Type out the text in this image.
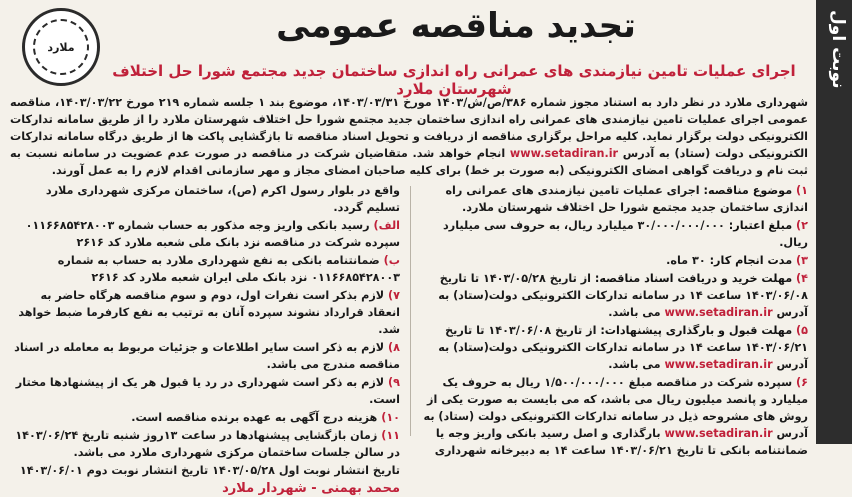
نوبت اول
ملارد
تجدید مناقصه عمومی
اجرای عملیات تامین نیازمندی های عمرانی راه اندازی ساختمان جدید مجتمع شورا حل اختلاف شهرستان ملارد
شهرداری ملارد در نظر دارد به استناد مجوز شماره ۳۸۶/ص/ش/۱۴۰۳ مورخ ۱۴۰۳/۰۳/۳۱، موضوع بند ۱ جلسه شماره ۲۱۹ مورخ ۱۴۰۳/۰۳/۲۲، مناقصه عمومی اجرای عملیات تامین نیازمندی های عمرانی راه اندازی ساختمان جدید مجتمع شورا حل اختلاف شهرستان ملارد را از طریق سامانه تدارکات الکترونیکی دولت برگزار نماید. کلیه مراحل برگزاری مناقصه از دریافت و تحویل اسناد مناقصه تا بازگشایی پاکت ها از طریق درگاه سامانه تدارکات الکترونیکی دولت (ستاد) به آدرس www.setadiran.ir انجام خواهد شد. متقاضیان شرکت در مناقصه در صورت عدم عضویت در سامانه نسبت به ثبت نام و دریافت گواهی امضای الکترونیکی (به صورت بر خط) برای کلیه صاحبان امضای مجاز و مهر سازمانی اقدام لازم را به عمل آورند.
۱) موضوع مناقصه: اجرای عملیات تامین نیازمندی های عمرانی راه اندازی ساختمان جدید مجتمع شورا حل اختلاف شهرستان ملارد.
۲) مبلغ اعتبار: ۳۰/۰۰۰/۰۰۰/۰۰۰ میلیارد ریال، به حروف سی میلیارد ریال.
۳) مدت انجام کار: ۳۰ ماه.
۴) مهلت خرید و دریافت اسناد مناقصه: از تاریخ ۱۴۰۳/۰۵/۲۸ تا تاریخ ۱۴۰۳/۰۶/۰۸ ساعت ۱۴ در سامانه تدارکات الکترونیکی دولت(ستاد) به آدرس www.setadiran.ir می باشد.
۵) مهلت قبول و بارگذاری پیشنهادات: از تاریخ ۱۴۰۳/۰۶/۰۸ تا تاریخ ۱۴۰۳/۰۶/۲۱ ساعت ۱۴ در سامانه تدارکات الکترونیکی دولت(ستاد) به آدرس www.setadiran.ir می باشد.
۶) سپرده شرکت در مناقصه مبلغ ۱/۵۰۰/۰۰۰/۰۰۰ ریال به حروف یک میلیارد و پانصد میلیون ریال می باشد، که می بایست به صورت یکی از روش های مشروحه ذیل در سامانه تدارکات الکترونیکی دولت (ستاد) به آدرس www.setadiran.ir بارگذاری و اصل رسید بانکی واریز وجه یا ضمانتنامه بانکی تا تاریخ ۱۴۰۳/۰۶/۲۱ ساعت ۱۴ به دبیرخانه شهرداری
واقع در بلوار رسول اکرم (ص)، ساختمان مرکزی شهرداری ملارد تسلیم گردد.
الف) رسید بانکی واریز وجه مذکور به حساب شماره ۰۱۱۶۶۸۵۴۲۸۰۰۳ سپرده شرکت در مناقصه نزد بانک ملی شعبه ملارد کد ۲۶۱۶
ب) ضمانتنامه بانکی به نفع شهرداری ملارد به حساب به شماره ۰۱۱۶۶۸۵۴۲۸۰۰۳ نزد بانک ملی ایران شعبه ملارد کد ۲۶۱۶
۷) لازم بذکر است نفرات اول، دوم و سوم مناقصه هرگاه حاضر به انعقاد قرارداد نشوند سپرده آنان به ترتیب به نفع کارفرما ضبط خواهد شد.
۸) لازم به ذکر است سایر اطلاعات و جزئیات مربوط به معامله در اسناد مناقصه مندرج می باشد.
۹) لازم به ذکر است شهرداری در رد یا قبول هر یک از پیشنهادها مختار است.
۱۰) هزینه درج آگهی به عهده برنده مناقصه است.
۱۱) زمان بازگشایی پیشنهادها در ساعت ۱۳روز شنبه تاریخ ۱۴۰۳/۰۶/۲۴ در سالن جلسات ساختمان مرکزی شهرداری ملارد می باشد.
تاریخ انتشار نوبت اول ۱۴۰۳/۰۵/۲۸ تاریخ انتشار نوبت دوم ۱۴۰۳/۰۶/۰۱
محمد بهمنی - شهردار ملارد
